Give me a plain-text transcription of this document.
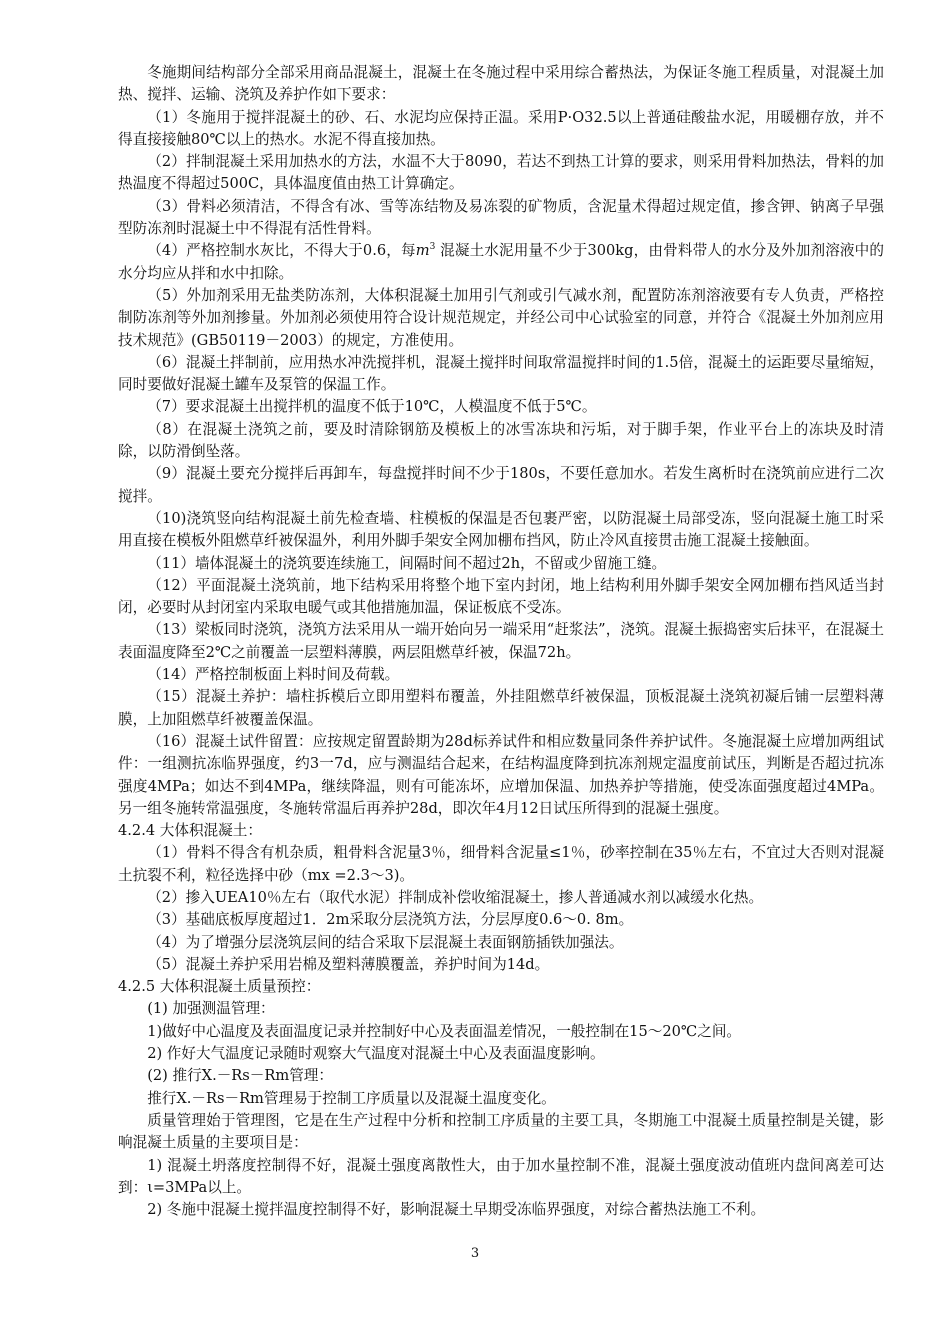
冬施期间结构部分全部采用商品混凝土，混凝土在冬施过程中采用综合蓄热法，为保证冬施工程质量，对混凝土加热、搅拌、运输、浇筑及养护作如下要求：

（1）冬施用于搅拌混凝土的砂、石、水泥均应保持正温。采用P·O32.5以上普通硅酸盐水泥，用暖棚存放，并不得直接接触80℃以上的热水。水泥不得直接加热。

（2）拌制混凝土采用加热水的方法，水温不大于8090，若达不到热工计算的要求，则采用骨料加热法，骨料的加热温度不得超过500C，具体温度值由热工计算确定。

（3）骨料必须清洁，不得含有冰、雪等冻结物及易冻裂的矿物质，含泥量术得超过规定值，掺含钾、钠离子早强型防冻剂时混凝土中不得混有活性骨料。

（4）严格控制水灰比，不得大于0.6，每$m^3$ 混凝土水泥用量不少于300kg，由骨料带人的水分及外加剂溶液中的水分均应从拌和水中扣除。

（5）外加剂采用无盐类防冻剂，大体积混凝土加用引气剂或引气减水剂，配置防冻剂溶液要有专人负责，严格控制防冻剂等外加剂掺量。外加剂必须使用符合设计规范规定，并经公司中心试验室的同意，并符合《混凝土外加剂应用技术规范》(GB50119－2003）的规定，方准使用。

（6）混凝土拌制前，应用热水冲洗搅拌机，混凝土搅拌时间取常温搅拌时间的1.5倍，混凝土的运距要尽量缩短，同时要做好混凝土罐车及泵管的保温工作。

（7）要求混凝土出搅拌机的温度不低于10℃，人模温度不低于5℃。

（8）在混凝土浇筑之前，要及时清除钢筋及模板上的冰雪冻块和污垢，对于脚手架，作业平台上的冻块及时清除，以防滑倒坠落。

（9）混凝土要充分搅拌后再卸车，每盘搅拌时间不少于180s，不要任意加水。若发生离析时在浇筑前应进行二次搅拌。

（10)浇筑竖向结构混凝土前先检查墙、柱模板的保温是否包裹严密，以防混凝土局部受冻，竖向混凝土施工时采用直接在模板外阻燃草纤被保温外，利用外脚手架安全网加棚布挡风，防止冷风直接贯击施工混凝土接触面。

（11）墙体混凝土的浇筑要连续施工，间隔时间不超过2h，不留或少留施工缝。

（12）平面混凝土浇筑前，地下结构采用将整个地下室内封闭，地上结构利用外脚手架安全网加棚布挡风适当封闭，必要时从封闭室内采取电暖气或其他措施加温，保证板底不受冻。

（13）梁板同时浇筑，浇筑方法采用从一端开始向另一端采用“赶浆法”，浇筑。混凝土振捣密实后抹平，在混凝土表面温度降至2℃之前覆盖一层塑料薄膜，两层阻燃草纤被，保温72h。

（14）严格控制板面上料时间及荷载。

（15）混凝土养护：墙柱拆模后立即用塑料布覆盖，外挂阻燃草纤被保温，顶板混凝土浇筑初凝后铺一层塑料薄膜，上加阻燃草纤被覆盖保温。

（16）混凝土试件留置：应按规定留置龄期为28d标养试件和相应数量同条件养护试件。冬施混凝土应增加两组试件：一组测抗冻临界强度，约3一7d，应与测温结合起来，在结构温度降到抗冻剂规定温度前试压，判断是否超过抗冻强度4MPa；如达不到4MPa，继续降温，则有可能冻坏，应增加保温、加热养护等措施，使受冻面强度超过4MPa。另一组冬施转常温强度，冬施转常温后再养护28d，即次年4月12日试压所得到的混凝土强度。

4.2.4 大体积混凝土：

（1）骨料不得含有机杂质，粗骨料含泥量3％，细骨料含泥量≤1％，砂率控制在35％左右，不宜过大否则对混凝土抗裂不利，粒径选择中砂（mx =2.3～3)。

（2）掺入UEA10％左右（取代水泥）拌制成补偿收缩混凝土，掺人普通减水剂以减缓水化热。

（3）基础底板厚度超过1．2m采取分层浇筑方法，分层厚度0.6～0. 8m。

（4）为了增强分层浇筑层间的结合采取下层混凝土表面钢筋插铁加强法。

（5）混凝土养护采用岩棉及塑料薄膜覆盖，养护时间为14d。

4.2.5 大体积混凝土质量预控：

(1) 加强测温管理：

1)做好中心温度及表面温度记录并控制好中心及表面温差情况，一般控制在15～20℃之间。

2) 作好大气温度记录随时观察大气温度对混凝土中心及表面温度影响。

(2) 推行X.－Rs－Rm管理：

推行X.－Rs－Rm管理易于控制工序质量以及混凝土温度变化。

质量管理始于管理图，它是在生产过程中分析和控制工序质量的主要工具，冬期施工中混凝土质量控制是关键，影响混凝土质量的主要项目是：

1) 混凝土坍落度控制得不好，混凝土强度离散性大，由于加水量控制不准，混凝土强度波动值班内盘间离差可达到：ι=3MPa以上。

2) 冬施中混凝土搅拌温度控制得不好，影响混凝土早期受冻临界强度，对综合蓄热法施工不利。

3
